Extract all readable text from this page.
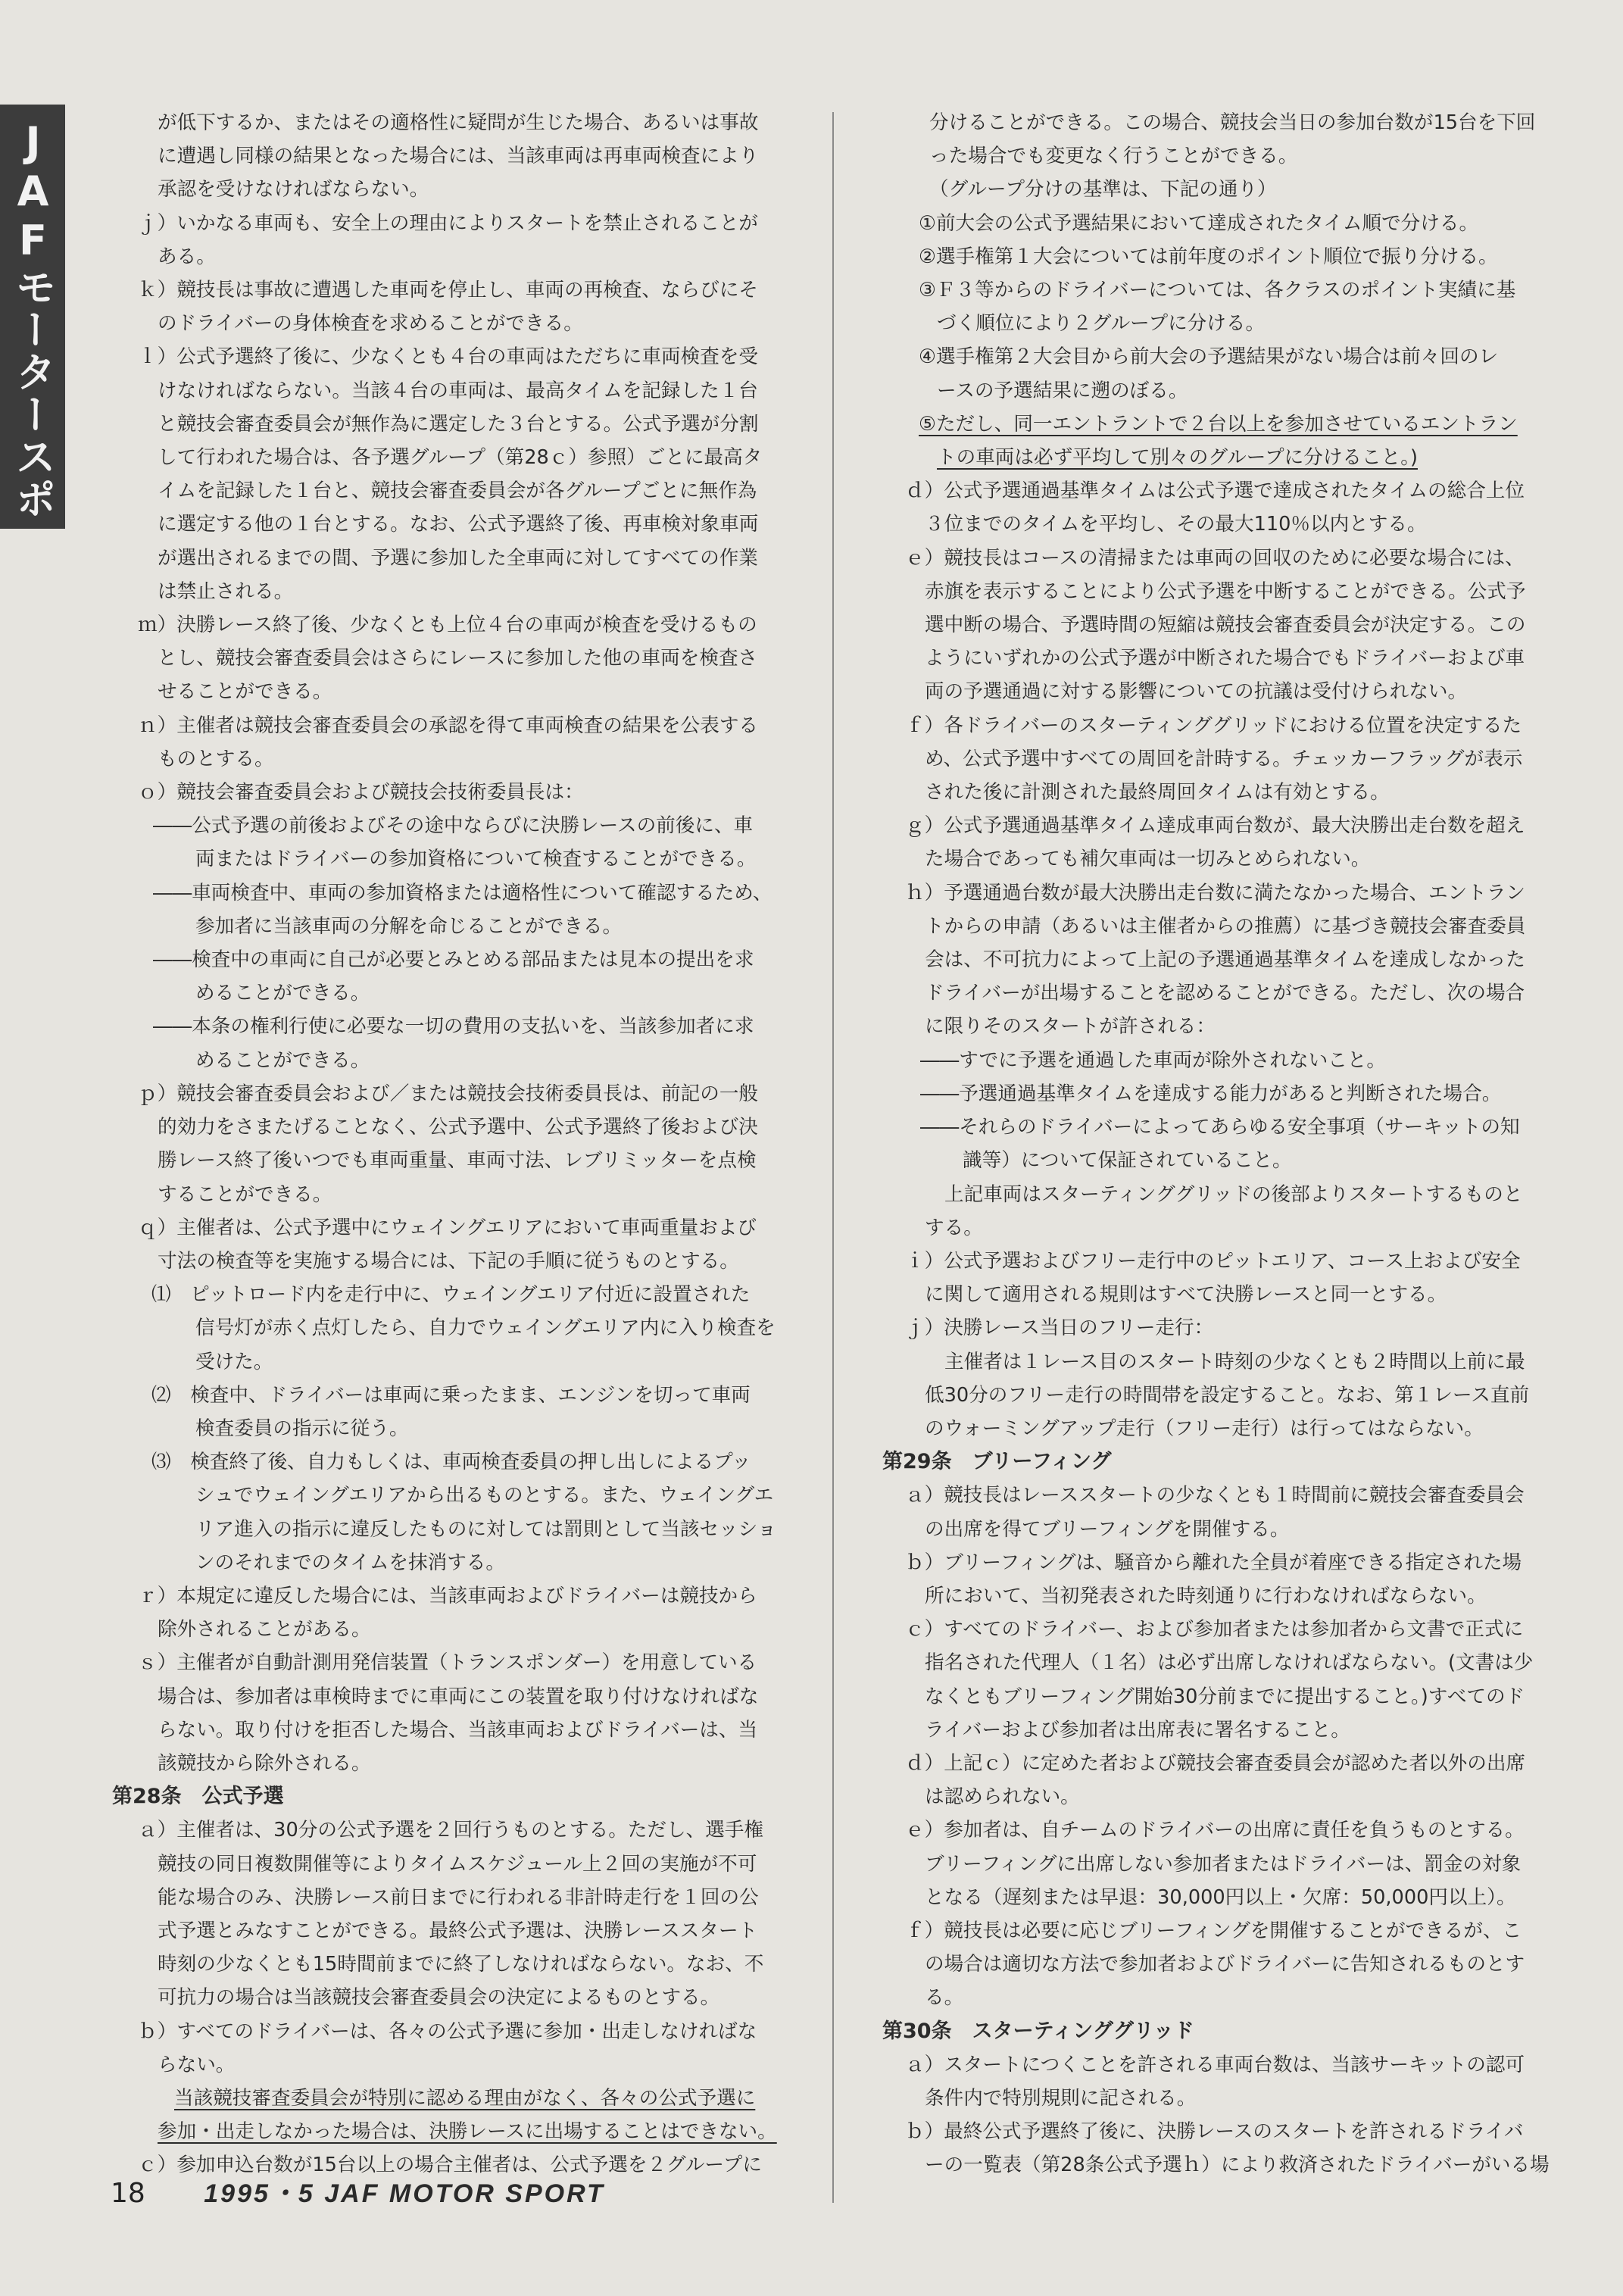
JAFモータースポ
が低下するか、またはその適格性に疑問が生じた場合、あるいは事故
に遭遇し同様の結果となった場合には、当該車両は再車両検査により
承認を受けなければならない。
ｊ）いかなる車両も、安全上の理由によりスタートを禁止されることが
ある。
ｋ）競技長は事故に遭遇した車両を停止し、車両の再検査、ならびにそ
のドライバーの身体検査を求めることができる。
ｌ）公式予選終了後に、少なくとも４台の車両はただちに車両検査を受
けなければならない。当該４台の車両は、最高タイムを記録した１台
と競技会審査委員会が無作為に選定した３台とする。公式予選が分割
して行われた場合は、各予選グループ（第28ｃ）参照）ごとに最高タ
イムを記録した１台と、競技会審査委員会が各グループごとに無作為
に選定する他の１台とする。なお、公式予選終了後、再車検対象車両
が選出されるまでの間、予選に参加した全車両に対してすべての作業
は禁止される。
ｍ）決勝レース終了後、少なくとも上位４台の車両が検査を受けるもの
とし、競技会審査委員会はさらにレースに参加した他の車両を検査さ
せることができる。
ｎ）主催者は競技会審査委員会の承認を得て車両検査の結果を公表する
ものとする。
ｏ）競技会審査委員会および競技会技術委員長は：
――公式予選の前後およびその途中ならびに決勝レースの前後に、車
両またはドライバーの参加資格について検査することができる。
――車両検査中、車両の参加資格または適格性について確認するため、
参加者に当該車両の分解を命じることができる。
――検査中の車両に自己が必要とみとめる部品または見本の提出を求
めることができる。
――本条の権利行使に必要な一切の費用の支払いを、当該参加者に求
めることができる。
ｐ）競技会審査委員会および／または競技会技術委員長は、前記の一般
的効力をさまたげることなく、公式予選中、公式予選終了後および決
勝レース終了後いつでも車両重量、車両寸法、レブリミッターを点検
することができる。
ｑ）主催者は、公式予選中にウェイングエリアにおいて車両重量および
寸法の検査等を実施する場合には、下記の手順に従うものとする。
⑴　ピットロード内を走行中に、ウェイングエリア付近に設置された
信号灯が赤く点灯したら、自力でウェイングエリア内に入り検査を
受けた。
⑵　検査中、ドライバーは車両に乗ったまま、エンジンを切って車両
検査委員の指示に従う。
⑶　検査終了後、自力もしくは、車両検査委員の押し出しによるプッ
シュでウェイングエリアから出るものとする。また、ウェイングエ
リア進入の指示に違反したものに対しては罰則として当該セッショ
ンのそれまでのタイムを抹消する。
ｒ）本規定に違反した場合には、当該車両およびドライバーは競技から
除外されることがある。
ｓ）主催者が自動計測用発信装置（トランスポンダー）を用意している
場合は、参加者は車検時までに車両にこの装置を取り付けなければな
らない。取り付けを拒否した場合、当該車両およびドライバーは、当
該競技から除外される。
第28条　公式予選
ａ）主催者は、30分の公式予選を２回行うものとする。ただし、選手権
競技の同日複数開催等によりタイムスケジュール上２回の実施が不可
能な場合のみ、決勝レース前日までに行われる非計時走行を１回の公
式予選とみなすことができる。最終公式予選は、決勝レーススタート
時刻の少なくとも15時間前までに終了しなければならない。なお、不
可抗力の場合は当該競技会審査委員会の決定によるものとする。
ｂ）すべてのドライバーは、各々の公式予選に参加・出走しなければな
らない。
当該競技審査委員会が特別に認める理由がなく、各々の公式予選に
参加・出走しなかった場合は、決勝レースに出場することはできない。
ｃ）参加申込台数が15台以上の場合主催者は、公式予選を２グループに
分けることができる。この場合、競技会当日の参加台数が15台を下回
った場合でも変更なく行うことができる。
（グループ分けの基準は、下記の通り）
①前大会の公式予選結果において達成されたタイム順で分ける。
②選手権第１大会については前年度のポイント順位で振り分ける。
③Ｆ３等からのドライバーについては、各クラスのポイント実績に基
づく順位により２グループに分ける。
④選手権第２大会目から前大会の予選結果がない場合は前々回のレ
ースの予選結果に遡のぼる。
⑤ただし、同一エントラントで２台以上を参加させているエントラン
トの車両は必ず平均して別々のグループに分けること。)
ｄ）公式予選通過基準タイムは公式予選で達成されたタイムの総合上位
３位までのタイムを平均し、その最大110％以内とする。
ｅ）競技長はコースの清掃または車両の回収のために必要な場合には、
赤旗を表示することにより公式予選を中断することができる。公式予
選中断の場合、予選時間の短縮は競技会審査委員会が決定する。この
ようにいずれかの公式予選が中断された場合でもドライバーおよび車
両の予選通過に対する影響についての抗議は受付けられない。
ｆ）各ドライバーのスターティンググリッドにおける位置を決定するた
め、公式予選中すべての周回を計時する。チェッカーフラッグが表示
された後に計測された最終周回タイムは有効とする。
ｇ）公式予選通過基準タイム達成車両台数が、最大決勝出走台数を超え
た場合であっても補欠車両は一切みとめられない。
ｈ）予選通過台数が最大決勝出走台数に満たなかった場合、エントラン
トからの申請（あるいは主催者からの推薦）に基づき競技会審査委員
会は、不可抗力によって上記の予選通過基準タイムを達成しなかった
ドライバーが出場することを認めることができる。ただし、次の場合
に限りそのスタートが許される：
――すでに予選を通過した車両が除外されないこと。
――予選通過基準タイムを達成する能力があると判断された場合。
――それらのドライバーによってあらゆる安全事項（サーキットの知
識等）について保証されていること。
上記車両はスターティンググリッドの後部よりスタートするものと
する。
ｉ）公式予選およびフリー走行中のピットエリア、コース上および安全
に関して適用される規則はすべて決勝レースと同一とする。
ｊ）決勝レース当日のフリー走行：
主催者は１レース目のスタート時刻の少なくとも２時間以上前に最
低30分のフリー走行の時間帯を設定すること。なお、第１レース直前
のウォーミングアップ走行（フリー走行）は行ってはならない。
第29条　ブリーフィング
ａ）競技長はレーススタートの少なくとも１時間前に競技会審査委員会
の出席を得てブリーフィングを開催する。
ｂ）ブリーフィングは、騒音から離れた全員が着座できる指定された場
所において、当初発表された時刻通りに行わなければならない。
ｃ）すべてのドライバー、および参加者または参加者から文書で正式に
指名された代理人（１名）は必ず出席しなければならない。(文書は少
なくともブリーフィング開始30分前までに提出すること。)すべてのド
ライバーおよび参加者は出席表に署名すること。
ｄ）上記ｃ）に定めた者および競技会審査委員会が認めた者以外の出席
は認められない。
ｅ）参加者は、自チームのドライバーの出席に責任を負うものとする。
ブリーフィングに出席しない参加者またはドライバーは、罰金の対象
となる（遅刻または早退：30,000円以上・欠席：50,000円以上）。
ｆ）競技長は必要に応じブリーフィングを開催することができるが、こ
の場合は適切な方法で参加者およびドライバーに告知されるものとす
る。
第30条　スターティンググリッド
ａ）スタートにつくことを許される車両台数は、当該サーキットの認可
条件内で特別規則に記される。
ｂ）最終公式予選終了後に、決勝レースのスタートを許されるドライバ
ーの一覧表（第28条公式予選ｈ）により救済されたドライバーがいる場
18 1995・5 JAF MOTOR SPORT
